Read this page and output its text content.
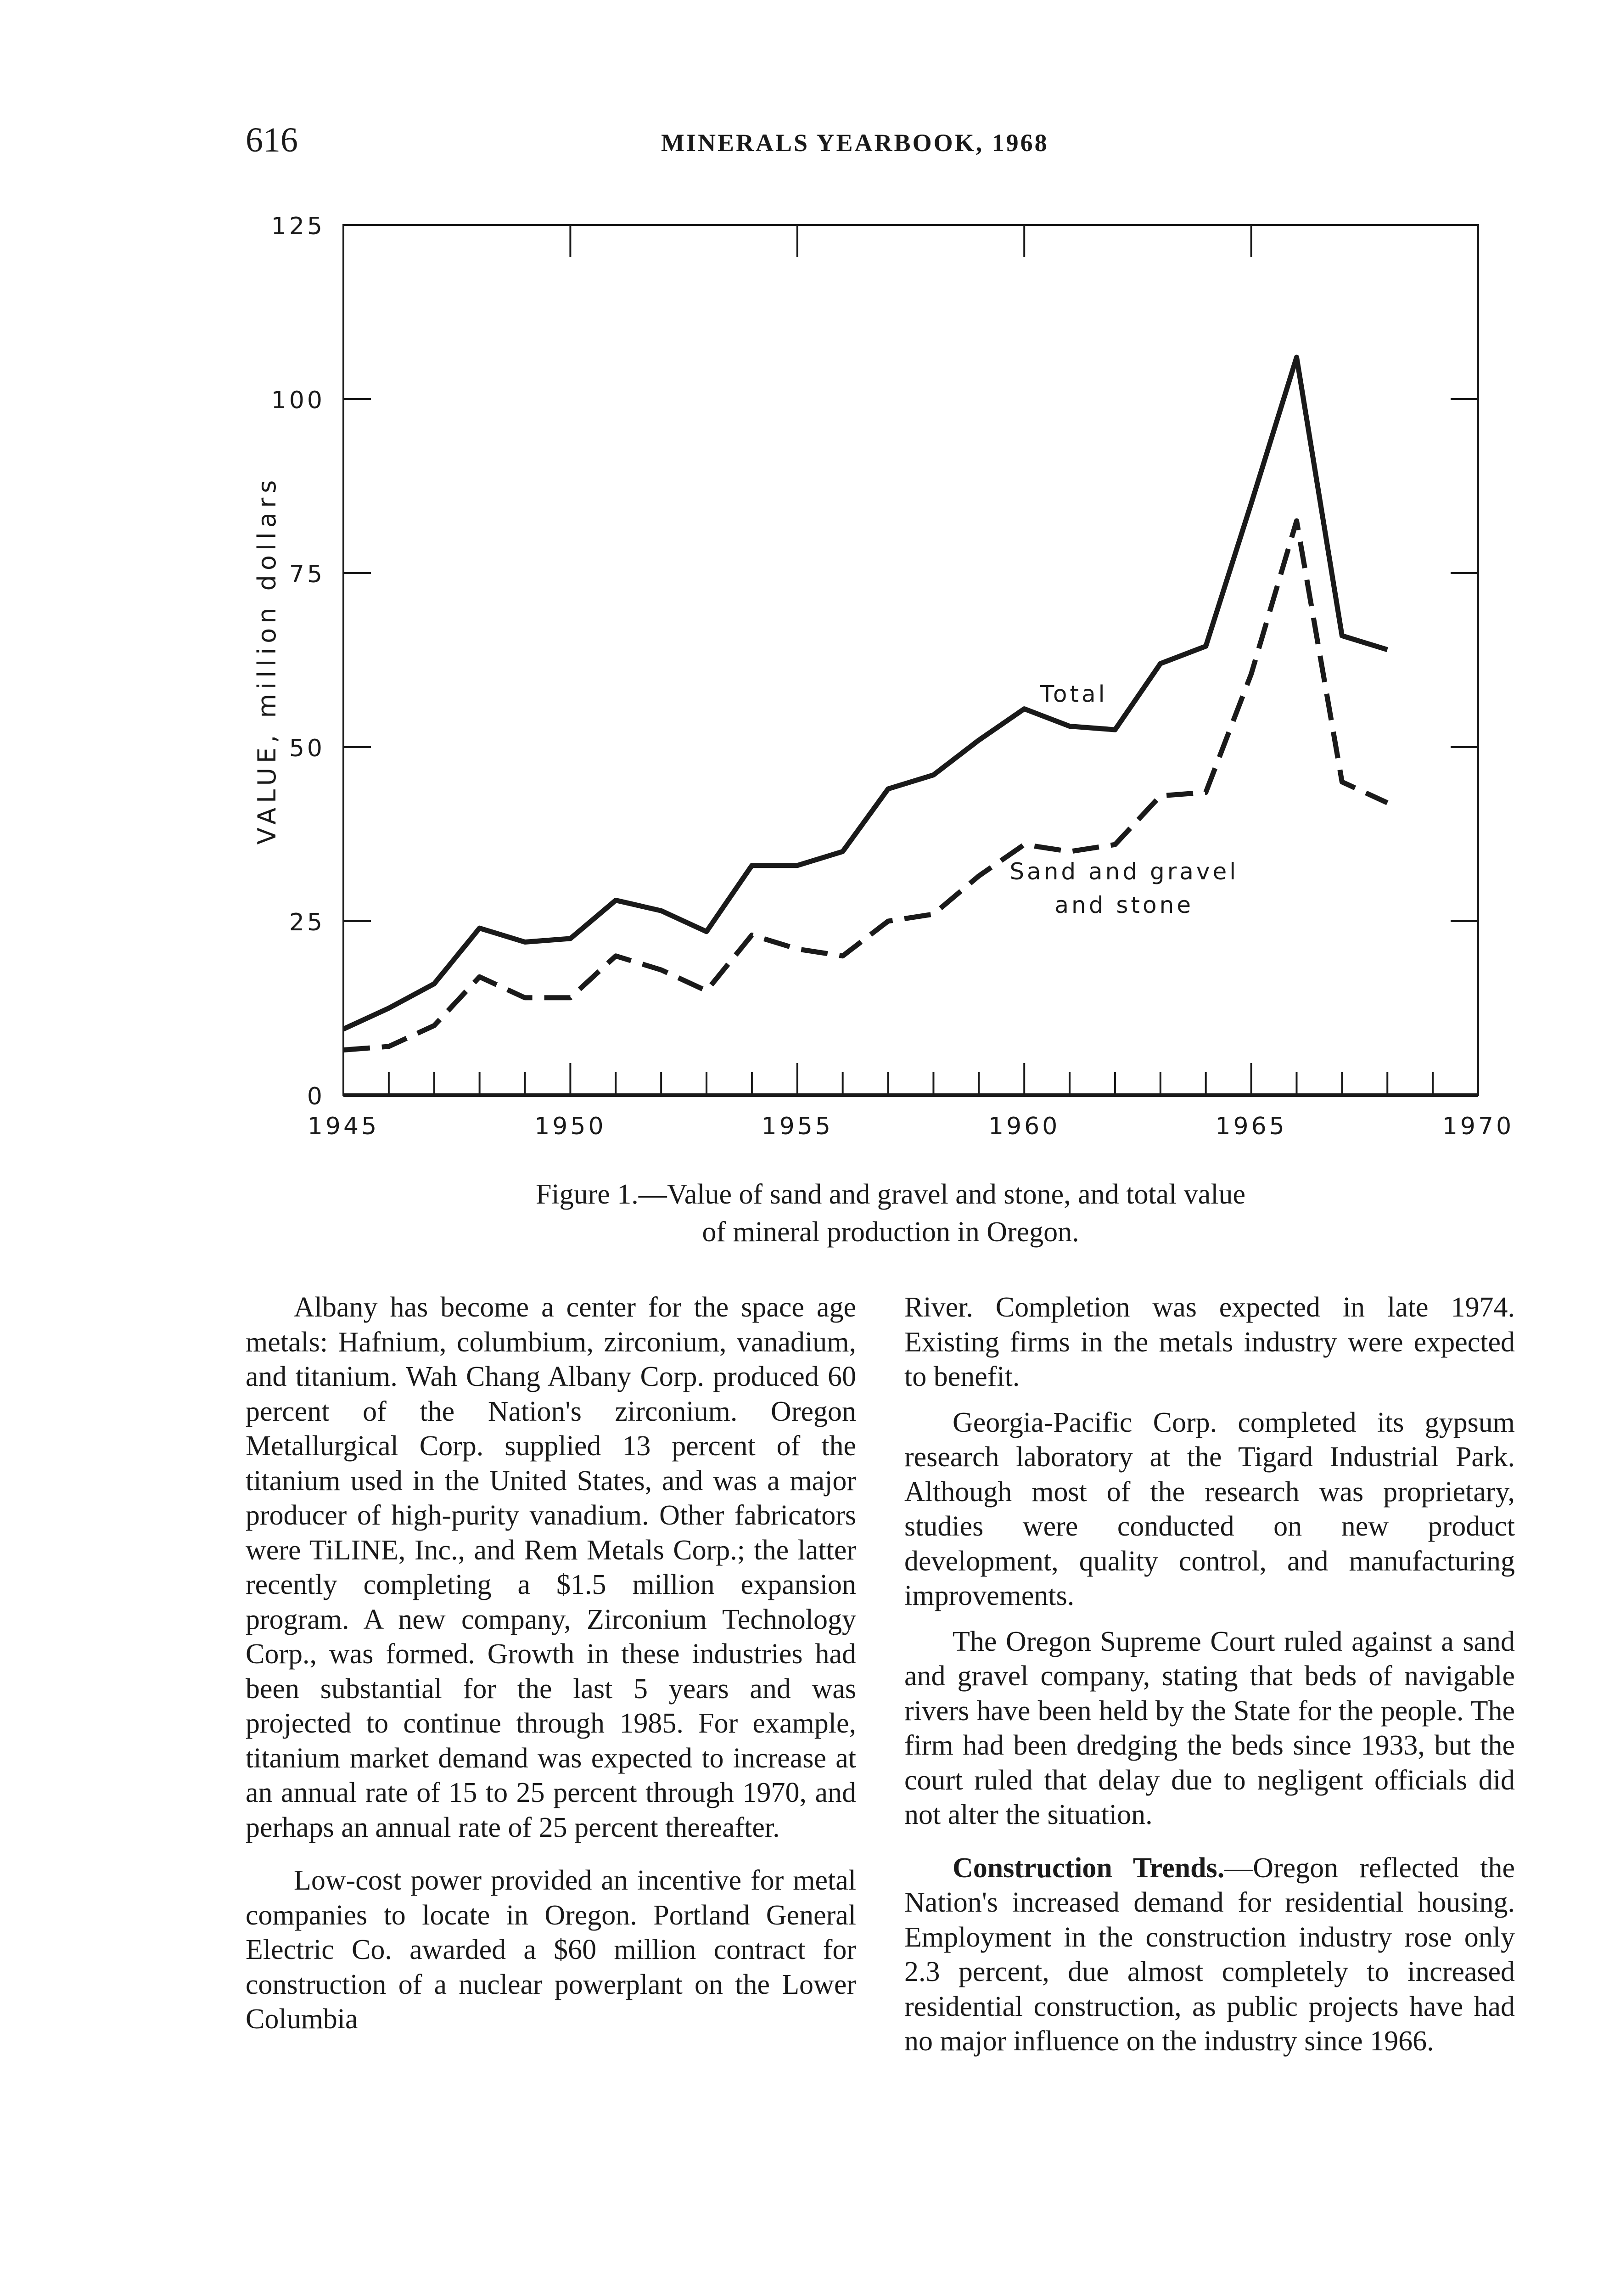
616	MINERALS YEARBOOK, 1968
0
25
50
75
100
125
1945	1950	1955	1960	1965	1970
VALUE, million dollars	Total
Sand and gravel
and stone
Figure 1.—Value of sand and gravel and stone, and total value
of mineral production in Oregon.

Albany has become a center for the space age metals: Hafnium, columbium, zirconium, vanadium, and titanium. Wah Chang Albany Corp. produced 60 percent of the Nation's zirconium. Oregon Metallurgical Corp. supplied 13 percent of the titanium used in the United States, and was a major producer of high-purity vanadium. Other fabricators were TiLINE, Inc., and Rem Metals Corp.; the latter recently completing a $1.5 million expansion program. A new company, Zirconium Technology Corp., was formed. Growth in these industries had been substantial for the last 5 years and was projected to continue through 1985. For example, titanium market demand was expected to increase at an annual rate of 15 to 25 percent through 1970, and perhaps an annual rate of 25 percent thereafter.

Low-cost power provided an incentive for metal companies to locate in Oregon. Portland General Electric Co. awarded a $60 million contract for construction of a nuclear powerplant on the Lower Columbia

River. Completion was expected in late 1974. Existing firms in the metals industry were expected to benefit.

Georgia-Pacific Corp. completed its gypsum research laboratory at the Tigard Industrial Park. Although most of the research was proprietary, studies were conducted on new product development, quality control, and manufacturing improvements.

The Oregon Supreme Court ruled against a sand and gravel company, stating that beds of navigable rivers have been held by the State for the people. The firm had been dredging the beds since 1933, but the court ruled that delay due to negligent officials did not alter the situation.

Construction Trends.—Oregon reflected the Nation's increased demand for residential housing. Employment in the construction industry rose only 2.3 percent, due almost completely to increased residential construction, as public projects have had no major influence on the industry since 1966.
